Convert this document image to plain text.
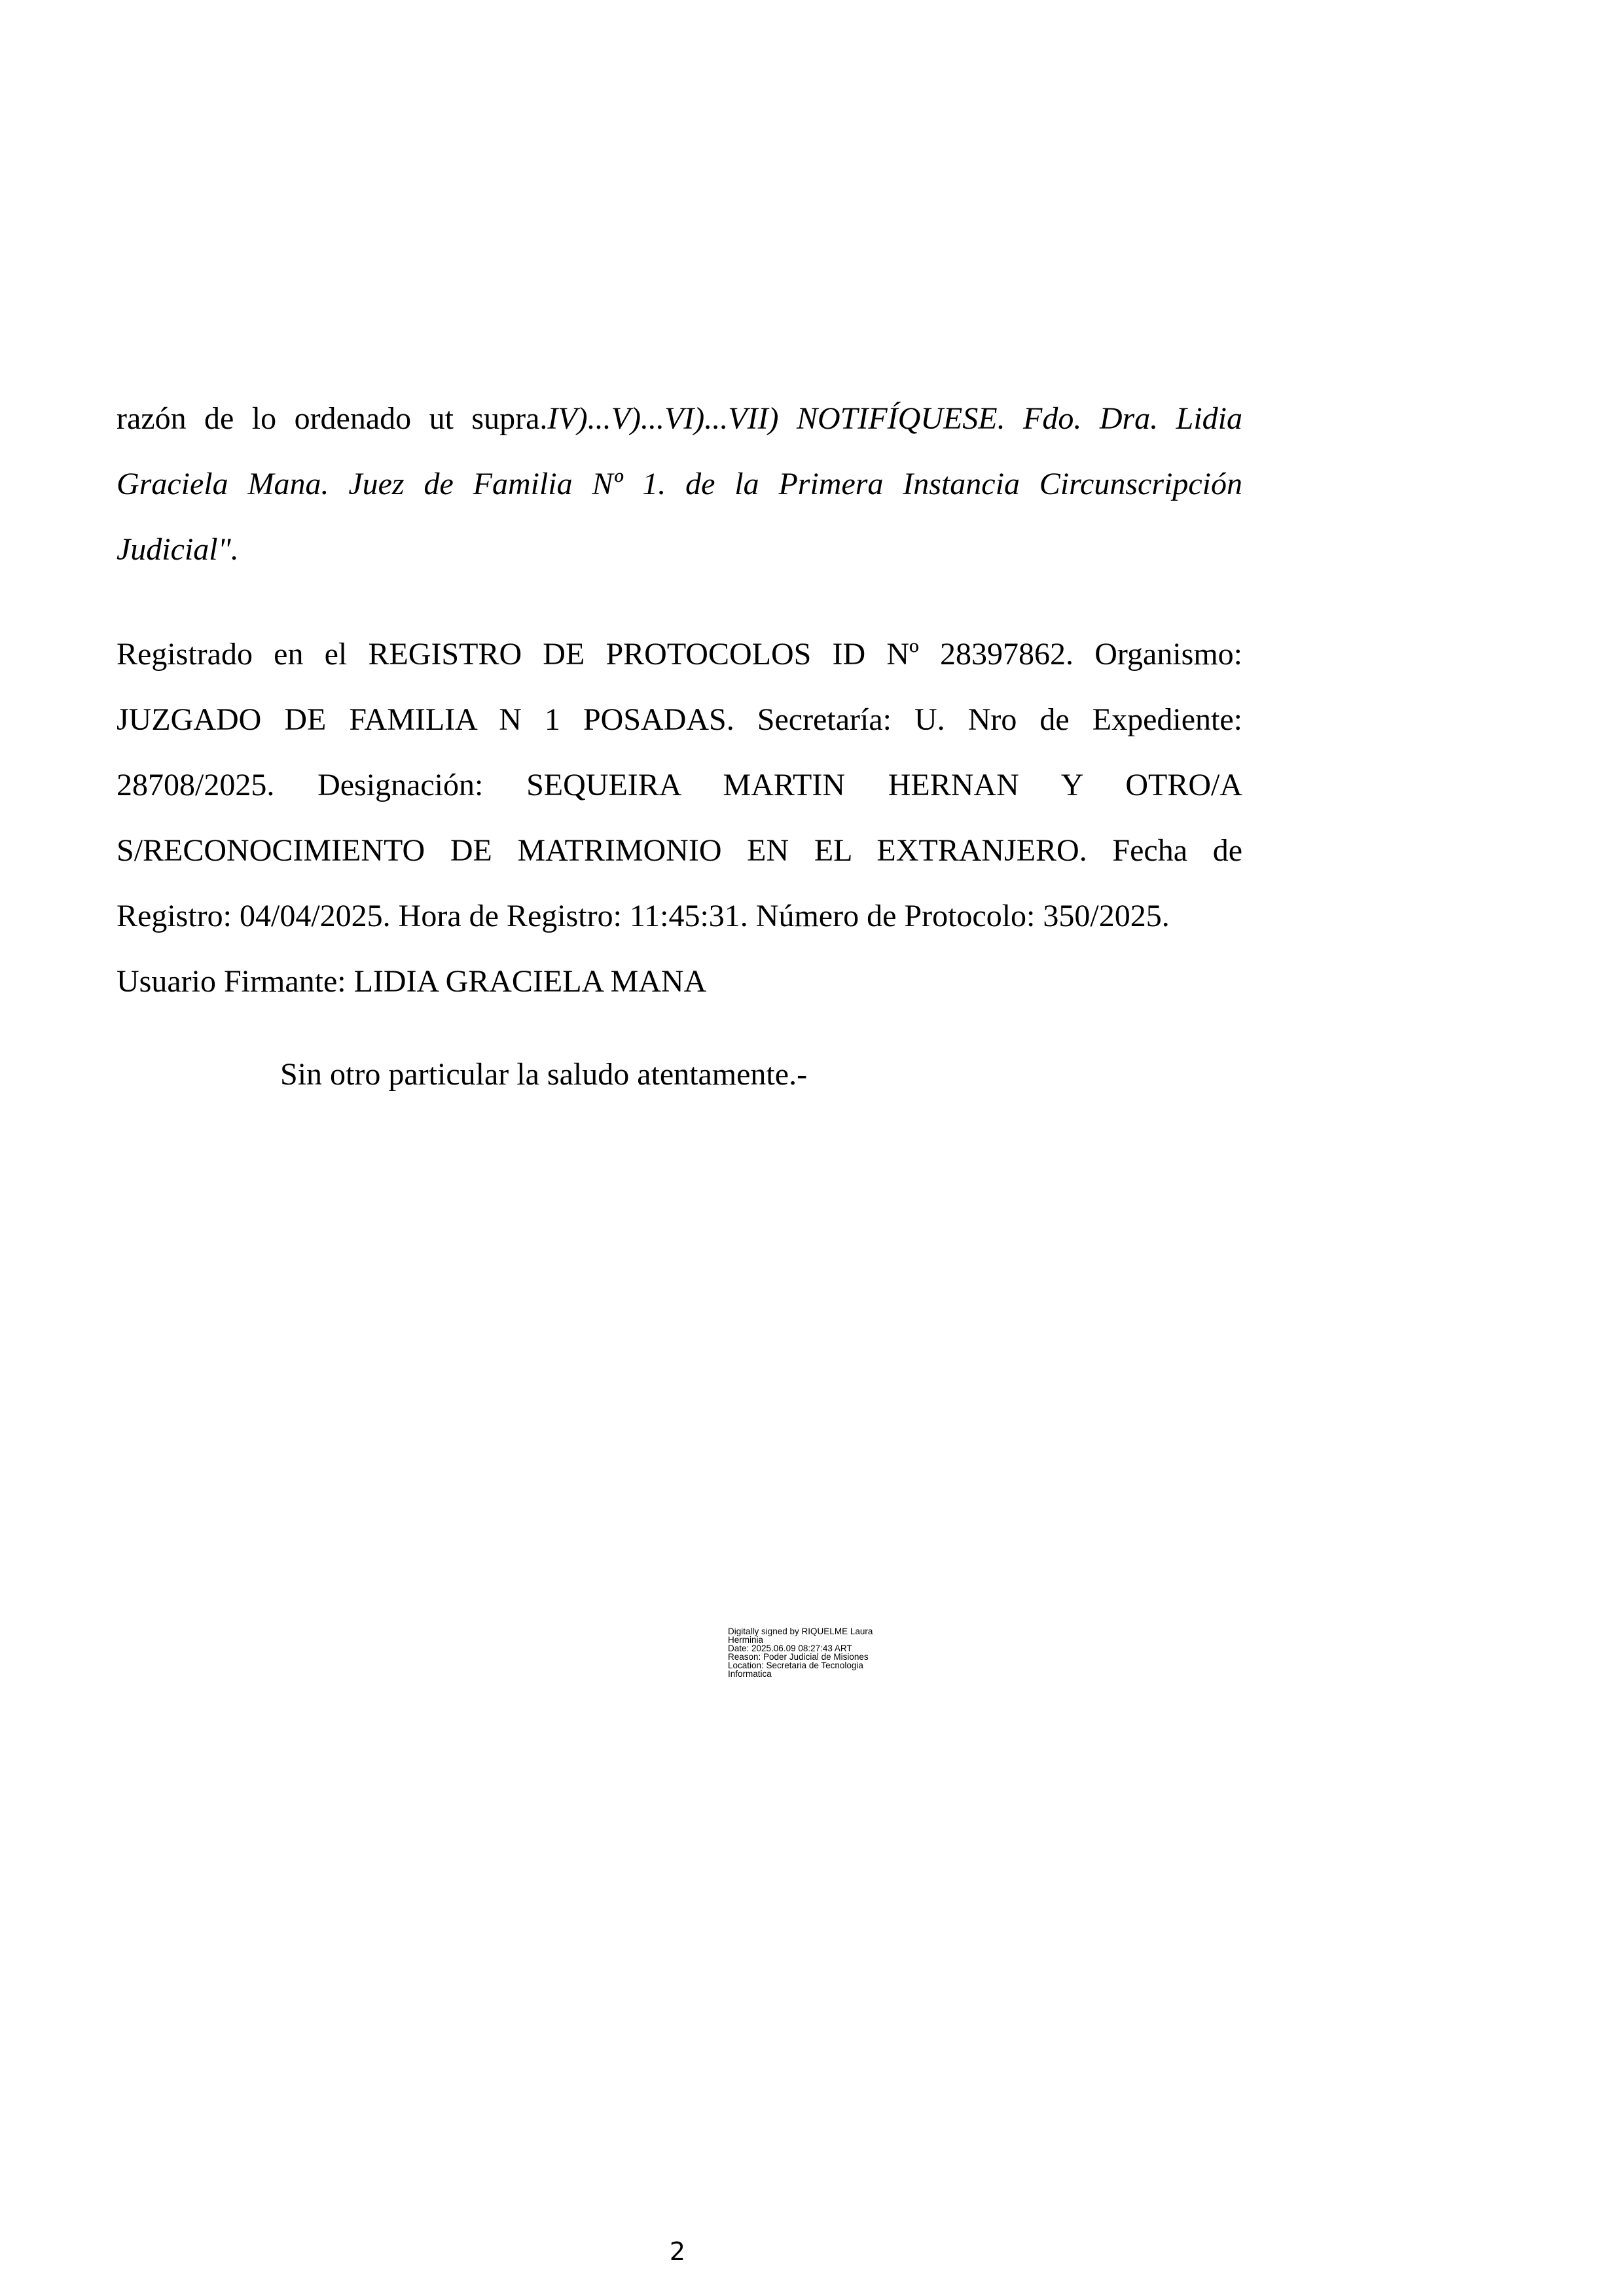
razón de lo ordenado ut supra.IV)...V)...VI)...VII) NOTIFÍQUESE. Fdo. Dra. Lidia Graciela Mana. Juez de Familia Nº 1. de la Primera Instancia Circunscripción Judicial".

Registrado en el REGISTRO DE PROTOCOLOS ID Nº 28397862. Organismo: JUZGADO DE FAMILIA N 1 POSADAS. Secretaría: U. Nro de Expediente: 28708/2025. Designación: SEQUEIRA MARTIN HERNAN Y OTRO/A S/RECONOCIMIENTO DE MATRIMONIO EN EL EXTRANJERO. Fecha de Registro: 04/04/2025. Hora de Registro: 11:45:31. Número de Protocolo: 350/2025.
Usuario Firmante: LIDIA GRACIELA MANA

Sin otro particular la saludo atentamente.-

Digitally signed by RIQUELME Laura
Herminia
Date: 2025.06.09 08:27:43 ART
Reason: Poder Judicial de Misiones
Location: Secretaria de Tecnologia
Informatica
2
